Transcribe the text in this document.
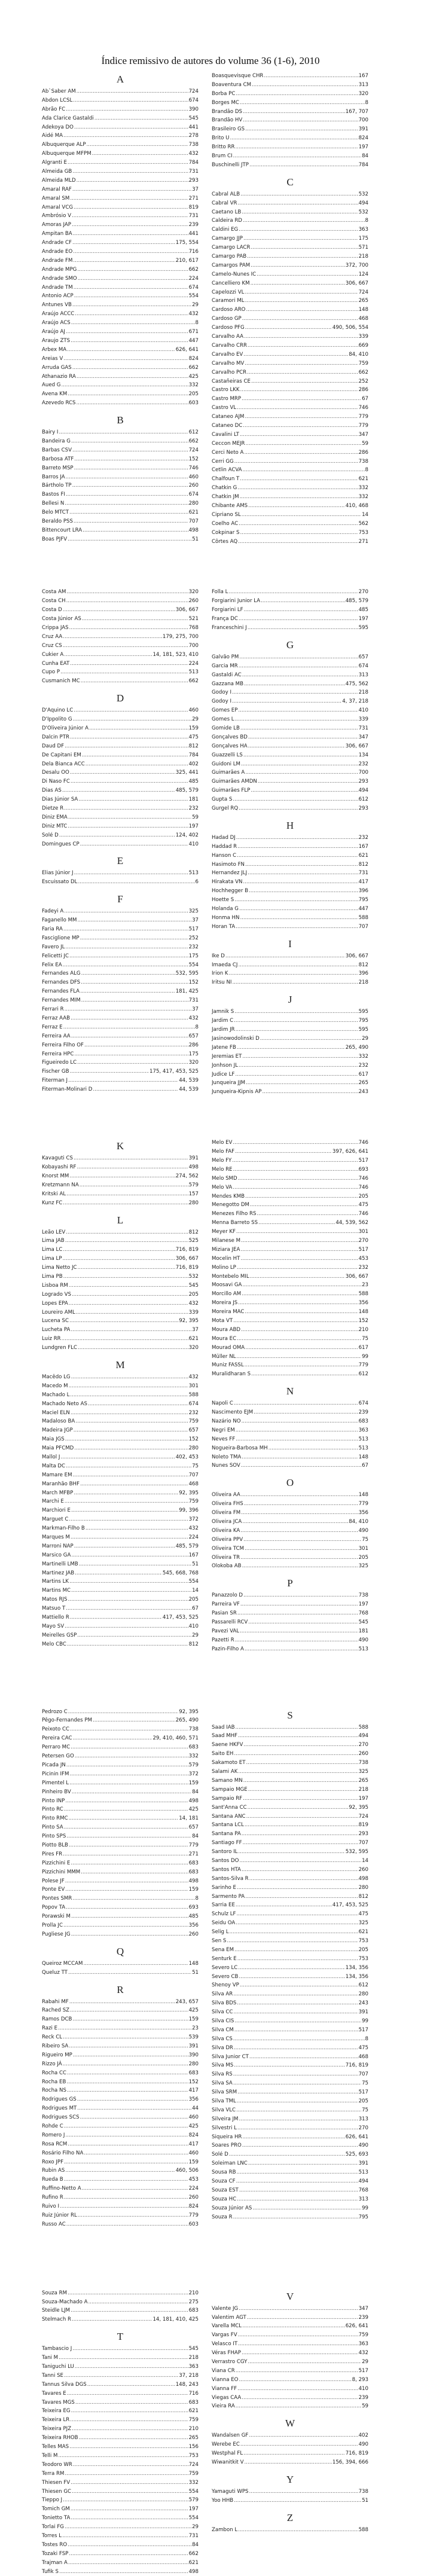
Índice remissivo de autores do volume 36 (1-6), 2010
A
Ab`Saber AM .....	724
Abdon LCSL .....	674
Abrão FC .....	390
Ada Clarice Gastaldi .....	545
Adekoya DO .....	441
Aidé MA .....	278
Albuquerque ALP .....	738
Albuquerque MFPM .....	432
Algranti E .....	784
Almeida GB .....	731
Almeida MLD .....	293
Amaral RAF .....	37
Amaral SM .....	271
Amaral VCG .....	819
Ambrósio V .....	731
Amoras JAP .....	239
Ampitan BA .....	441
Andrade CF .....	175, 554
Andrade EO .....	716
Andrade FM .....	210, 617
Andrade MPG .....	662
Andrade SMO .....	224
Andrade TM .....	674
Antonio ACP .....	554
Antunes VB .....	29
Araújo ACCC .....	432
Araújo ACS .....	8
Araújo AJ .....	671
Araujo ZTS .....	447
Arbex MA .....	626, 641
Areias V .....	824
Arruda GAS .....	662
Athanazio RA .....	425
Aued G .....	332
Avena KM .....	205
Azevedo RCS .....	603
B
Bairy I .....	612
Bandeira G .....	662
Barbas CSV .....	724
Barbosa ATF .....	152
Barreto MSP .....	746
Barros JA .....	460
Bártholo TP .....	260
Bastos FI .....	674
Bellesi N .....	280
Belo MTCT .....	621
Beraldo PSS .....	707
Bittencourt LRA .....	498
Boas PJFV .....	51
Boasquevisque CHR .....	167
Boaventura CM .....	313
Borba PC .....	320
Borges MC .....	8
Brandão DS .....	167, 707
Brandão HV .....	700
Brasileiro GS .....	391
Brito U .....	824
Britto RR .....	197
Brum CI .....	84
Buschinelli JTP .....	784
C
Cabral ALB .....	532
Cabral VR .....	494
Caetano LB .....	532
Caldeira RD .....	8
Caldini EG .....	363
Camargo JJP .....	175
Camargo LACR .....	571
Camargo PAB .....	218
Camargos PAM .....	372, 700
Camelo-Nunes IC .....	124
Cancelliero KM .....	306, 667
Capelozzi VL .....	724
Caramori ML .....	265
Cardoso ARO .....	148
Cardoso GP .....	468
Cardoso PFG .....	490, 506, 554
Carvalho AA .....	339
Carvalho CRR .....	669
Carvalho EV .....	84, 410
Carvalho MV .....	759
Carvalho PCR .....	662
Castañeiras CE .....	252
Castro LKK .....	286
Castro MRP .....	67
Castro VL .....	746
Cataneo AJM .....	779
Cataneo DC .....	779
Cavalini LT .....	347
Ceccon MEJR .....	59
Cerci Neto A .....	286
Cerri GG .....	738
Cetlin ACVA .....	8
Chalfoun T .....	621
Chatkin G .....	332
Chatkin JM .....	332
Chibante AMS .....	410, 468
Cipriano SL .....	14
Coelho AC .....	562
Cokpinar S .....	753
Côrtes AQ .....	271
Costa AM .....	320
Costa CH .....	260
Costa D .....	306, 667
Costa Júnior AS .....	521
Crippa JAS .....	768
Cruz AA .....	179, 275, 700
Cruz CS .....	700
Cukier A .....	14, 181, 523, 410
Cunha EAT .....	224
Cupo P .....	513
Cusmanich MC .....	662
D
D'Aquino LC .....	460
D'Ippolito G .....	29
D'Oliveira Júnior A .....	159
Dalcin PTR .....	475
Daud DF .....	812
De Capitani EM .....	784
Dela Bianca ACC .....	402
Desalu OO .....	325, 441
Di Naso FC .....	485
Dias AS .....	485, 579
Dias Júnior SA .....	181
Dietze R .....	232
Diniz EMA .....	59
Diniz MTC .....	197
Solé D .....	124, 402
Domingues CP .....	410
E
Elias Júnior J .....	513
Escuissato DL .....	6
F
Fadeyi A .....	325
Faganello MM .....	37
Faria RA .....	517
Fasciglione MP .....	252
Favero JL .....	232
Felicetti JC .....	175
Felix EA .....	554
Fernandes ALG .....	532, 595
Fernandes DFS .....	152
Fernandes FLA .....	181, 425
Fernandes MIM .....	731
Ferrari R .....	37
Ferraz AAB .....	432
Ferraz E .....	8
Ferreira AA .....	657
Ferreira Filho OF .....	286
Ferreira HPC .....	175
Figueiredo LC .....	320
Fischer GB .....	175, 417, 453, 525
Fiterman J .....	44, 539
Fiterman-Molinari D .....	44, 539
Folla L .....	270
Forgiarini Junior LA .....	485, 579
Forgiarini LF .....	485
França DC .....	197
Franceschini J .....	595
G
Galvão PM .....	657
Garcia MR .....	674
Gastaldi AC .....	313
Gazzana MB .....	475, 562
Godoy I .....	218
Godoy I .....	4, 37, 218
Gomes EP .....	410
Gomes L .....	339
Gomide LB .....	731
Gonçalves BD .....	347
Gonçalves HA .....	306, 667
Guazzelli LS .....	134
Guidoni LM .....	232
Guimarães A .....	700
Guimarães AMDN .....	293
Guimarães FLP .....	494
Gupta S .....	612
Gurgel RQ .....	293
H
Hadad DJ .....	232
Haddad R .....	167
Hanson C .....	621
Hasimoto FN .....	812
Hernandez JLJ .....	731
Hirakata VN .....	417
Hochhegger B .....	396
Hoette S .....	795
Holanda G .....	447
Honma HN .....	588
Horan TA .....	707
I
Ike D .....	306, 667
Imaeda CJ .....	812
Irion K .....	396
Iritsu NI .....	218
J
Jamnik S .....	595
Jardim C .....	795
Jardim JR .....	595
Jasinowodolinski D .....	29
Jatene FB .....	265, 490
Jeremias ET .....	332
Jonhson JL .....	232
Judice LF .....	617
Junqueira JJM .....	265
Junqueira-Kipnis AP .....	243
K
Kavaguti CS .....	391
Kobayashi RF .....	498
Knorst MM .....	274, 562
Kretzmann NA .....	579
Kritski AL .....	157
Kunz FC .....	280
L
Leão LEV .....	812
Lima JAB .....	525
Lima LC .....	716, 819
Lima LP .....	306, 667
Lima Netto JC .....	716, 819
Lima PB .....	532
Lisboa RM .....	545
Logrado VS .....	205
Lopes EPA .....	432
Loureiro AML .....	339
Lucena SC .....	92, 395
Lucheta PA .....	37
Luiz RR .....	621
Lundgren FLC .....	320
M
Macêdo LG .....	432
Macedo M .....	301
Machado L .....	588
Machado Neto AS .....	674
Maciel ELN .....	232
Madaloso BA .....	759
Madeira JGP .....	657
Maia JGS .....	152
Maia PFCMD .....	280
Mallol J .....	402, 453
Malta DC .....	75
Mamare EM .....	707
Maranhão BHF .....	468
March MFBP .....	92, 395
Marchi E .....	759
Marchiori E .....	99, 396
Marguet C .....	372
Markman-Filho B .....	432
Marques M .....	224
Marroni NAP .....	485, 579
Marsico GA .....	167
Martinelli LMB .....	51
Martinez JAB .....	545, 668, 768
Martins LK .....	554
Martins MC .....	14
Matos RJS .....	205
Matsuo T .....	67
Mattiello R .....	417, 453, 525
Mayo SV .....	410
Meirelles GSP .....	29
Melo CBC .....	812
Melo EV .....	746
Melo FAF .....	397, 626, 641
Melo FY .....	517
Melo RE .....	693
Melo SMD .....	746
Melo VA .....	746
Mendes KMB .....	205
Menegotto DM .....	475
Menezes Filho RS .....	746
Menna Barreto SS .....	44, 539, 562
Meyer KF .....	301
Milanese M .....	270
Miziara JEA .....	517
Mocelin HT .....	453
Molino LP .....	232
Montebelo MIL .....	306, 667
Moosavi GA .....	23
Morcillo AM .....	588
Moreira JS .....	356
Moreira MAC .....	148
Mota VT .....	152
Moura ABD .....	210
Moura EC .....	75
Mourad OMA .....	617
Müller NL .....	99
Muniz FASSL .....	779
Muralidharan S .....	612
N
Napoli C .....	674
Nascimento EJM .....	239
Nazário NO .....	683
Negri EM .....	363
Neves FF .....	513
Nogueira-Barbosa MH .....	513
Noleto TMA .....	148
Nunes SOV .....	67
O
Oliveira AA .....	148
Oliveira FHS .....	779
Oliveira FM .....	356
Oliveira JCA .....	84, 410
Oliveira KA .....	490
Oliveira PPV .....	75
Oliveira TCM .....	301
Oliveira TR .....	205
Olokoba AB .....	325
P
Panazzolo D .....	738
Parreira VF .....	197
Pasian SR .....	768
Passarelli RCV .....	545
Pavezi VAL .....	181
Pazetti R .....	490
Pazin-Filho A .....	513
Pedrozo C .....	92, 395
Pêgo-Fernandes PM .....	265, 490
Peixoto CC .....	738
Pereira CAC .....	29, 410, 460, 571
Perraro MC .....	683
Petersen GO .....	332
Picada JN .....	579
Picinin IFM .....	372
Pimentel L .....	159
Pinheiro BV .....	84
Pinto INP .....	498
Pinto RC .....	425
Pinto RMC .....	14, 181
Pinto SA .....	657
Pinto SPS .....	84
Piotto BLB .....	779
Pires FR .....	271
Pizzichini E .....	683
Pizzichini MMM .....	683
Polese JF .....	498
Ponte EV .....	159
Pontes SMR .....	8
Popov TA .....	693
Porawski M .....	485
Prolla JC .....	356
Pugliese JG .....	260
Q
Queiroz MCCAM .....	148
Queluz TT .....	51
R
Rabahi MF .....	243, 657
Rached SZ .....	425
Ramos DCB .....	159
Razi E .....	23
Reck CL .....	539
Ribeiro SA .....	391
Rigueiro MP .....	390
Rizzo JÁ .....	280
Rocha CC .....	683
Rocha EB .....	152
Rocha NS .....	417
Rodrigues GS .....	356
Rodrigues MT .....	44
Rodrigues SCS .....	460
Rohde C .....	425
Romero J .....	824
Rosa RCM .....	417
Rosário Filho NA .....	460
Roxo JPF .....	159
Rubin AS .....	460, 506
Rueda B .....	453
Ruffino-Netto A .....	224
Rufino R .....	260
Ruivo I .....	824
Ruiz Júnior RL .....	779
Russo AC .....	603
S
Saad IAB .....	588
Saad MHF .....	494
Saene HKFV .....	270
Saito EH .....	260
Sakamoto ET .....	738
Salami AK .....	325
Samano MN .....	265
Sampaio MGE .....	218
Sampaio RF .....	197
Sant'Anna CC .....	92, 395
Santana ANC .....	724
Santana LCL .....	819
Santana PA .....	293
Santiago FF .....	707
Santoro IL .....	532, 595
Santos DO .....	14
Santos HTA .....	260
Santos-Silva R .....	498
Sarinho E .....	280
Sarmento PA .....	812
Sarria EE .....	417, 453, 525
Schulz LF .....	475
Seidu OA .....	325
Selig L .....	621
Sen S .....	753
Sena EM .....	205
Senturk E .....	753
Severo LC .....	134, 356
Severo CB .....	134, 356
Shenoy VP .....	612
Silva AR .....	280
Silva BDS .....	243
Silva CC .....	391
Silva CIS .....	99
Silva CM .....	517
Silva CS .....	8
Silva DR .....	475
Silva Junior CT .....	468
Silva MS .....	716, 819
Silva RS .....	707
Silva SA .....	75
Silva SRM .....	517
Silva TML .....	205
Silva VLC .....	75
Silveira JM .....	313
Silvestri L .....	270
Siqueira HR .....	626, 641
Soares PRO .....	490
Solé D .....	525, 693
Soleiman LNC .....	391
Sousa RB .....	513
Souza CF .....	494
Souza EST .....	768
Souza HC .....	313
Souza Júnior AS .....	99
Souza R .....	795
Souza RM .....	210
Souza-Machado A .....	275
Steidle LJM .....	683
Stelmach R .....	14, 181, 410, 425
T
Tambascio J .....	545
Tani M .....	218
Taniguchi LU .....	363
Tanni SE .....	37, 218
Tannus Silva DGS .....	148, 243
Tavares E .....	716
Tavares MGS .....	683
Teixeira EG .....	621
Teixeira LR .....	759
Teixeira PJZ .....	210
Teixeira RHOB .....	265
Telles MAS .....	156
Telli M .....	753
Teodoro WR .....	724
Terra RM .....	759
Thiesen FV .....	332
Thiesen GC .....	554
Tieppo J .....	579
Tomich GM .....	197
Tonietto TA .....	554
Torlai FG .....	29
Torres L .....	731
Tostes RO .....	84
Tozaki FSP .....	662
Trajman A .....	621
Tufik S .....	498
V
Valente JG .....	347
Valentim AGT .....	239
Varella MCL .....	626, 641
Vargas FV .....	759
Velasco IT .....	363
Véras FHAP .....	432
Verrastro CGY .....	29
Viana CR .....	517
Vianna EO .....	8, 293
Vianna FF .....	410
Viegas CAA .....	239
Vieira RA .....	59
W
Wandalsen GF .....	402
Werebe EC .....	490
Westphal FL .....	716, 819
Wiwanitkit V .....	156, 394, 666
Y
Yamaguti WPS .....	738
Yoo HHB .....	51
Z
Zambon L .....	588
